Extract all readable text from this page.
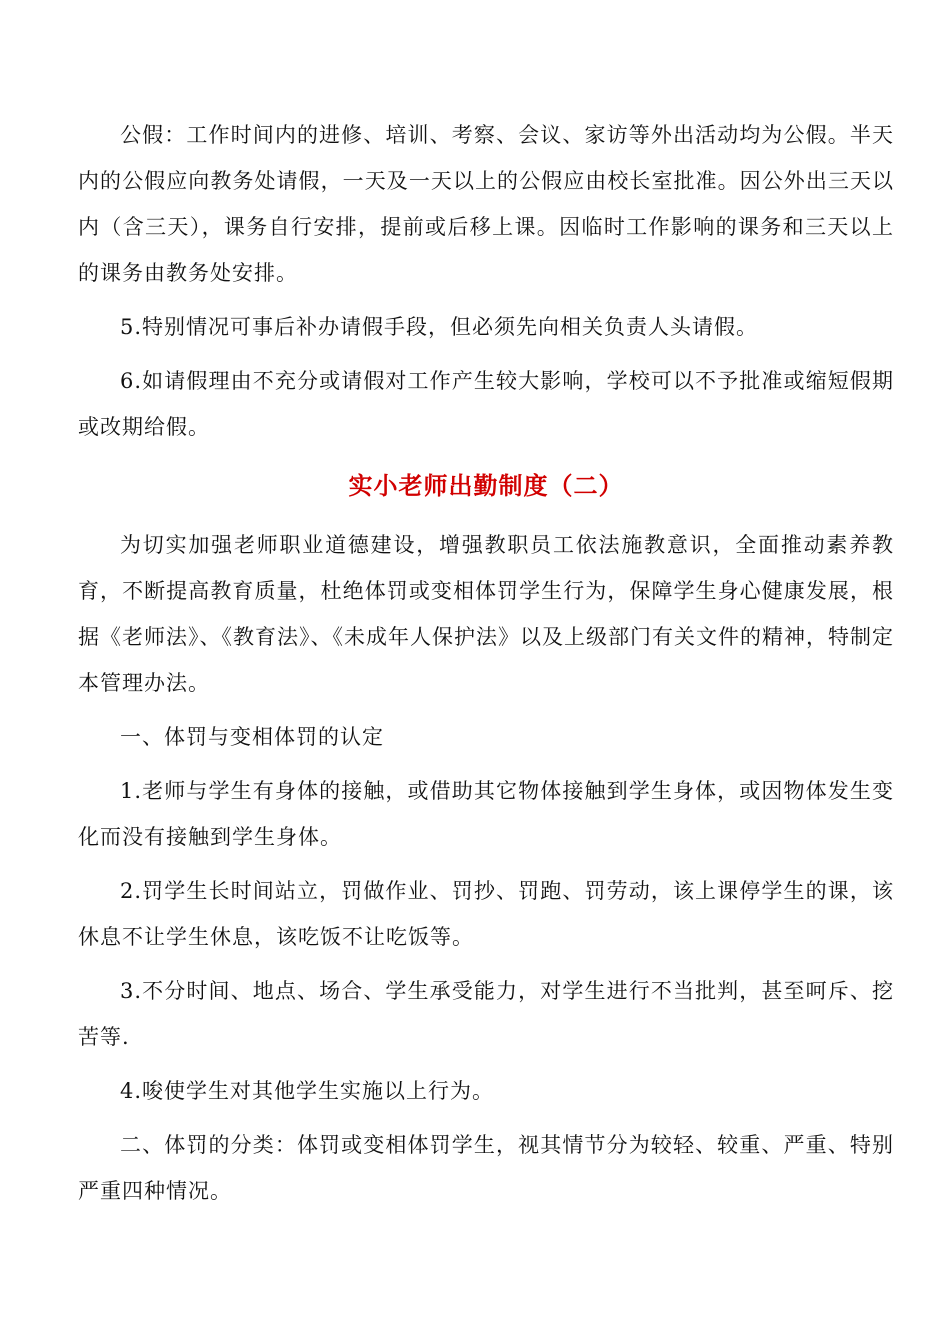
公假：工作时间内的进修、培训、考察、会议、家访等外出活动均为公假。半天内的公假应向教务处请假，一天及一天以上的公假应由校长室批准。因公外出三天以内（含三天），课务自行安排，提前或后移上课。因临时工作影响的课务和三天以上的课务由教务处安排。

5.特别情况可事后补办请假手段，但必须先向相关负责人头请假。

6.如请假理由不充分或请假对工作产生较大影响，学校可以不予批准或缩短假期或改期给假。

实小老师出勤制度（二）

为切实加强老师职业道德建设，增强教职员工依法施教意识，全面推动素养教育，不断提高教育质量，杜绝体罚或变相体罚学生行为，保障学生身心健康发展，根据《老师法》、《教育法》、《未成年人保护法》以及上级部门有关文件的精神，特制定本管理办法。

一、体罚与变相体罚的认定

1.老师与学生有身体的接触，或借助其它物体接触到学生身体，或因物体发生变化而没有接触到学生身体。

2.罚学生长时间站立，罚做作业、罚抄、罚跑、罚劳动，该上课停学生的课，该休息不让学生休息，该吃饭不让吃饭等。

3.不分时间、地点、场合、学生承受能力，对学生进行不当批判，甚至呵斥、挖苦等.

4.唆使学生对其他学生实施以上行为。

二、体罚的分类：体罚或变相体罚学生，视其情节分为较轻、较重、严重、特别严重四种情况。
